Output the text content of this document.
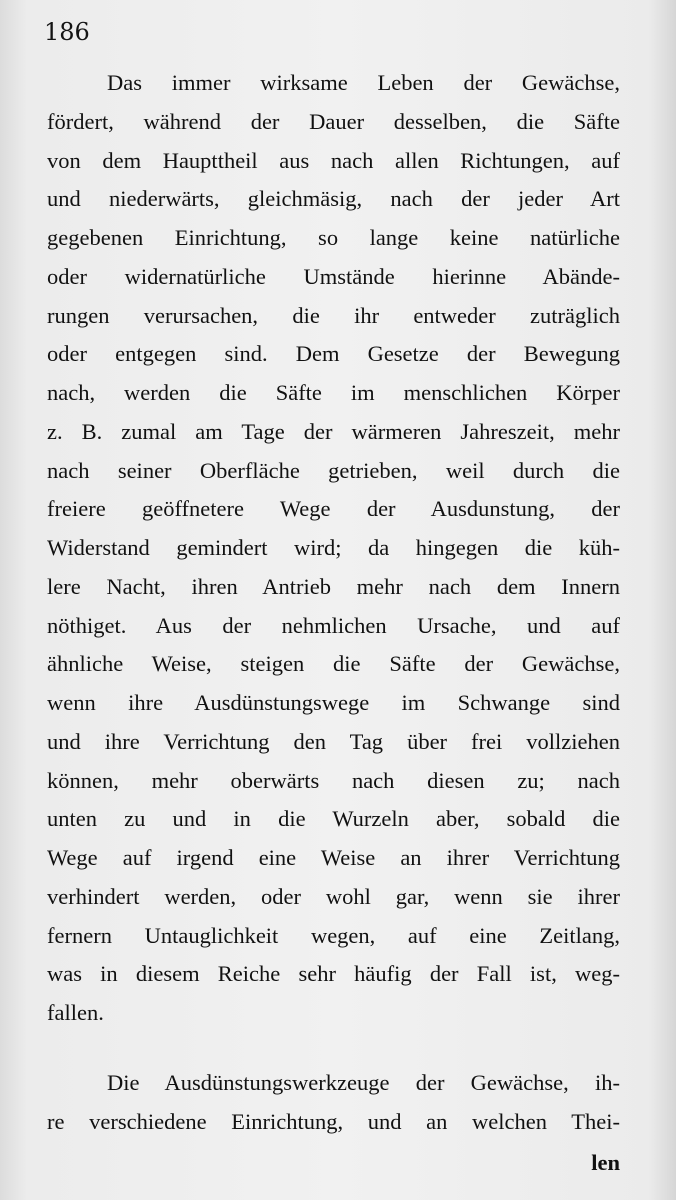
186
Das immer wirksame Leben der Gewächse,
fördert, während der Dauer desselben, die Säfte
von dem Haupttheil aus nach allen Richtungen, auf
und niederwärts, gleichmäsig, nach der jeder Art
gegebenen Einrichtung, so lange keine natürliche
oder widernatürliche Umstände hierinne Abände-
rungen verursachen, die ihr entweder zuträglich
oder entgegen sind. Dem Gesetze der Bewegung
nach, werden die Säfte im menschlichen Körper
z. B. zumal am Tage der wärmeren Jahreszeit, mehr
nach seiner Oberfläche getrieben, weil durch die
freiere geöffnetere Wege der Ausdunstung, der
Widerstand gemindert wird; da hingegen die küh-
lere Nacht, ihren Antrieb mehr nach dem Innern
nöthiget. Aus der nehmlichen Ursache, und auf
ähnliche Weise, steigen die Säfte der Gewächse,
wenn ihre Ausdünstungswege im Schwange sind
und ihre Verrichtung den Tag über frei vollziehen
können, mehr oberwärts nach diesen zu; nach
unten zu und in die Wurzeln aber, sobald die
Wege auf irgend eine Weise an ihrer Verrichtung
verhindert werden, oder wohl gar, wenn sie ihrer
fernern Untauglichkeit wegen, auf eine Zeitlang,
was in diesem Reiche sehr häufig der Fall ist, weg-
fallen.
Die Ausdünstungswerkzeuge der Gewächse, ih-
re verschiedene Einrichtung, und an welchen Thei-
len
